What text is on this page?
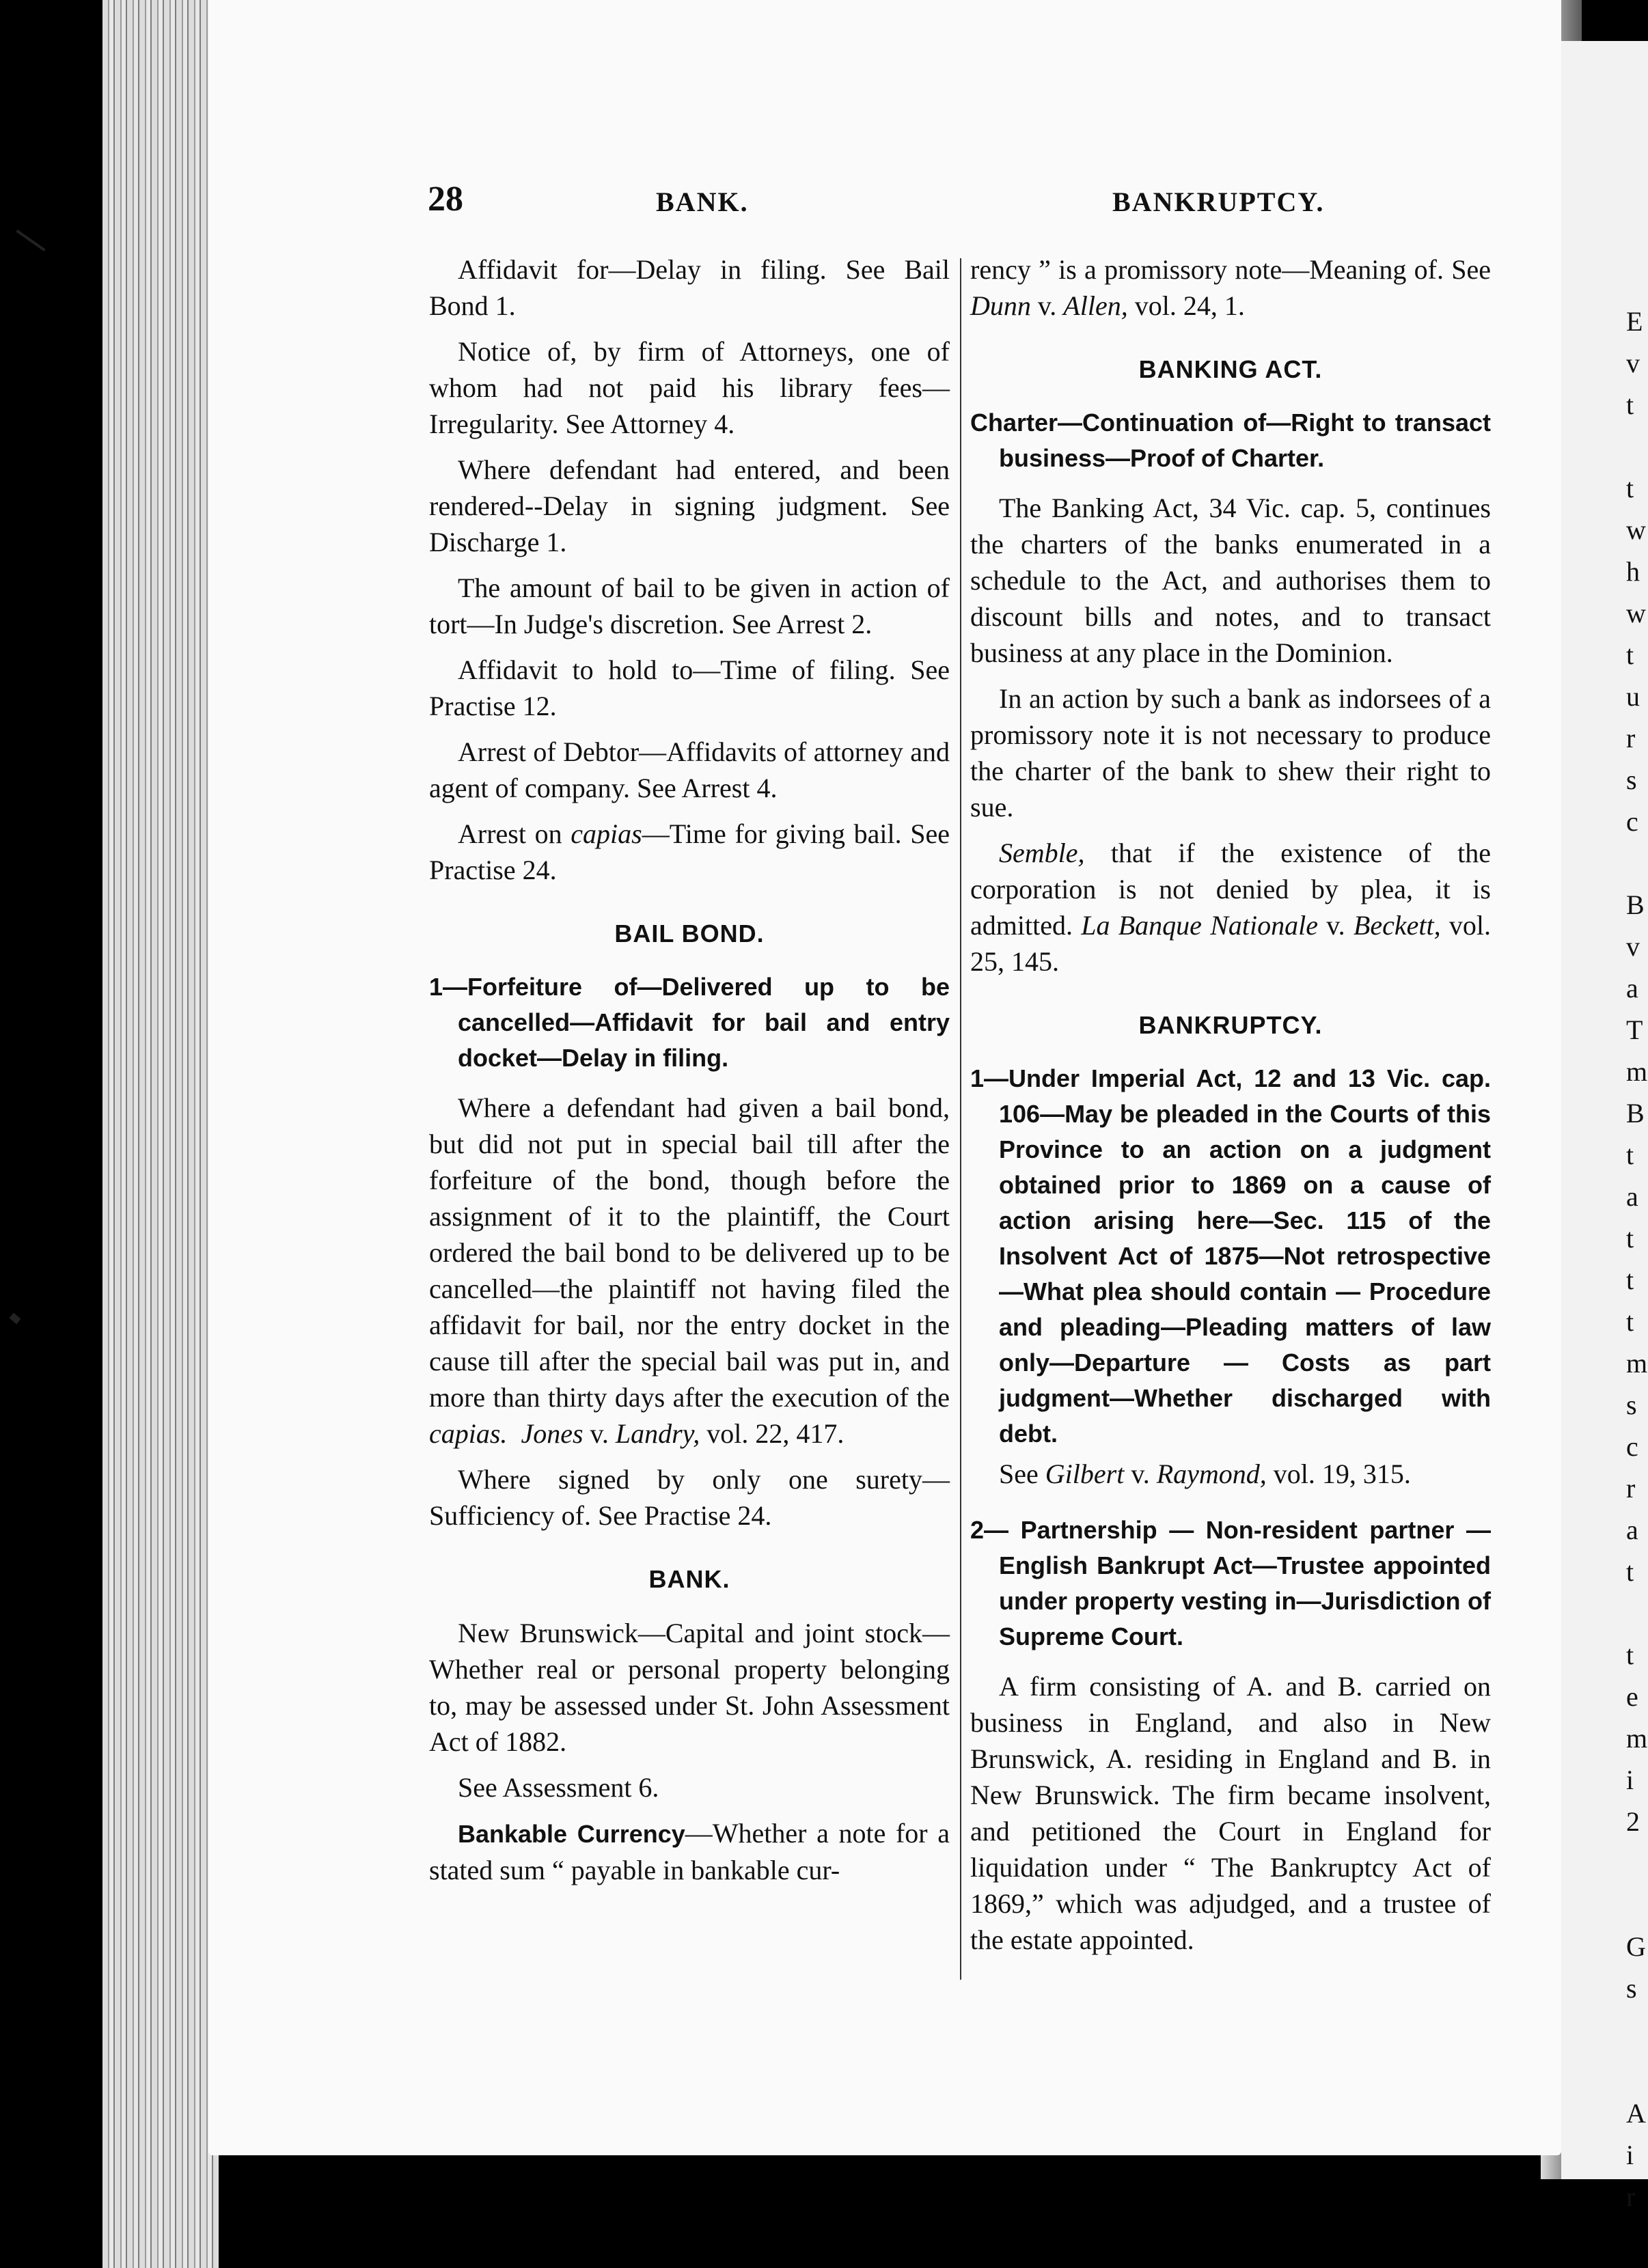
E
v
t

t
w
h
w
t
u
r
s
c

B
v
a
T
m
B
t
a
t
t
t
m
s
c
r
a
t

t
e
m
i
2

G
s

A
i
r
28	BANK.	BANKRUPTCY.

Affidavit for—Delay in filing. See Bail Bond 1.

Notice of, by firm of Attorneys, one of whom had not paid his library fees—Irregularity. See Attorney 4.

Where defendant had entered, and been rendered--Delay in signing judgment. See Discharge 1.

The amount of bail to be given in action of tort—In Judge's discretion. See Arrest 2.

Affidavit to hold to—Time of filing. See Practise 12.

Arrest of Debtor—Affidavits of attorney and agent of company. See Arrest 4.

Arrest on capias—Time for giving bail. See Practise 24.

BAIL BOND.
1—Forfeiture of—Delivered up to be cancelled—Affidavit for bail and entry docket—Delay in filing.

Where a defendant had given a bail bond, but did not put in special bail till after the forfeiture of the bond, though before the assignment of it to the plaintiff, the Court ordered the bail bond to be delivered up to be cancelled—the plaintiff not having filed the affidavit for bail, nor the entry docket in the cause till after the special bail was put in, and more than thirty days after the execution of the capias. Jones v. Landry, vol. 22, 417.

Where signed by only one surety—Sufficiency of. See Practise 24.

BANK.

New Brunswick—Capital and joint stock—Whether real or personal property belonging to, may be assessed under St. John Assessment Act of 1882.

See Assessment 6.

Bankable Currency—Whether a note for a stated sum “ payable in bankable cur-

rency ” is a promissory note—Meaning of. See Dunn v. Allen, vol. 24, 1.

BANKING ACT.
Charter—Continuation of—Right to transact business—Proof of Charter.

The Banking Act, 34 Vic. cap. 5, continues the charters of the banks enumerated in a schedule to the Act, and authorises them to discount bills and notes, and to transact business at any place in the Dominion.

In an action by such a bank as indorsees of a promissory note it is not necessary to produce the charter of the bank to shew their right to sue.

Semble, that if the existence of the corporation is not denied by plea, it is admitted. La Banque Nationale v. Beckett, vol. 25, 145.

BANKRUPTCY.
1—Under Imperial Act, 12 and 13 Vic. cap. 106—May be pleaded in the Courts of this Province to an action on a judgment obtained prior to 1869 on a cause of action arising here—Sec. 115 of the Insolvent Act of 1875—Not retrospective—What plea should contain — Procedure and pleading—Pleading matters of law only—Departure — Costs as part judgment—Whether discharged with debt.

See Gilbert v. Raymond, vol. 19, 315.

2— Partnership — Non-resident partner — English Bankrupt Act—Trustee appointed under property vesting in—Jurisdiction of Supreme Court.

A firm consisting of A. and B. carried on business in England, and also in New Brunswick, A. residing in England and B. in New Brunswick. The firm became insolvent, and petitioned the Court in England for liquidation under “ The Bankruptcy Act of 1869,” which was adjudged, and a trustee of the estate appointed.
